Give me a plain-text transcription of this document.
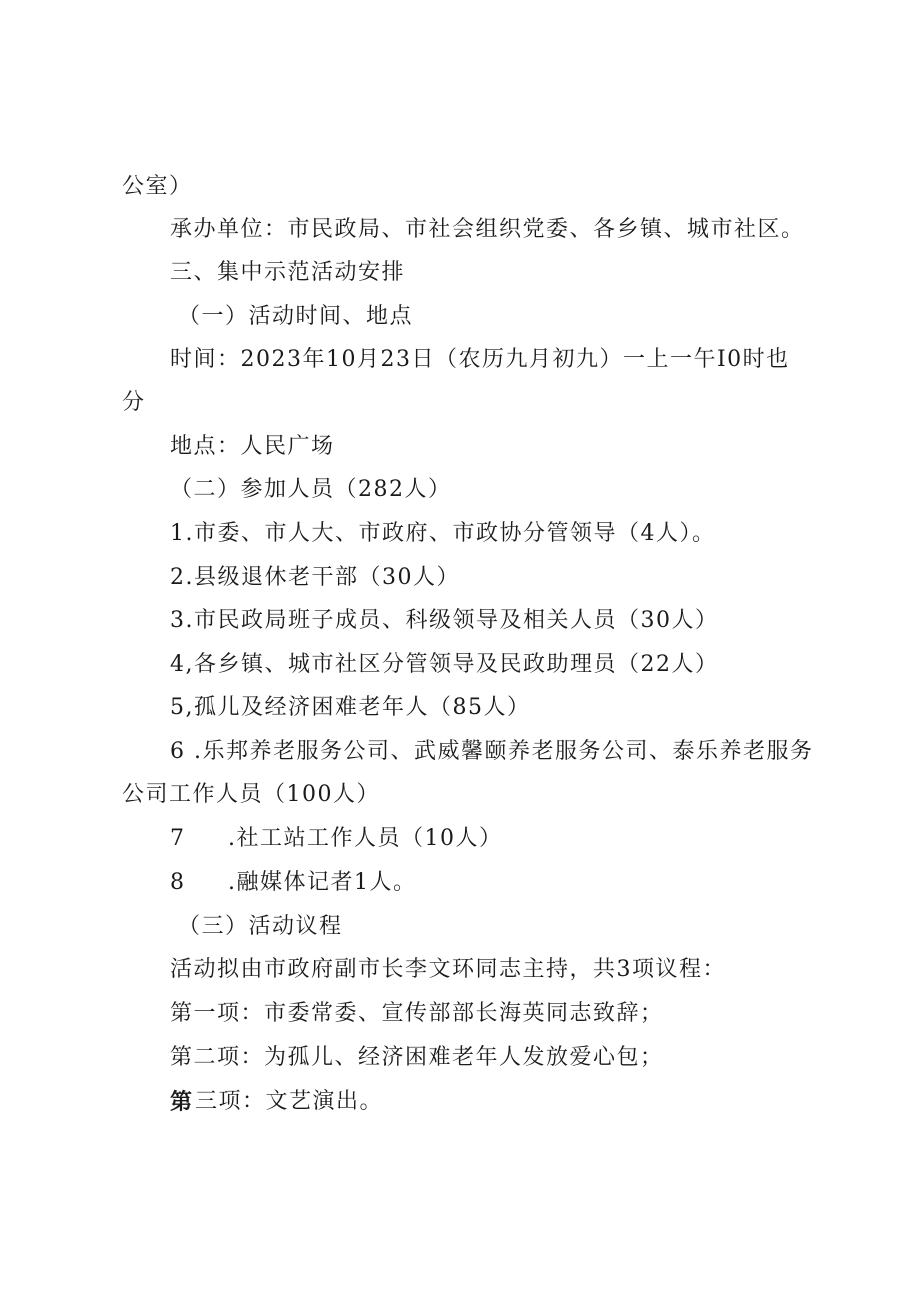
公室）
承办单位：市民政局、市社会组织党委、各乡镇、城市社区。
三、集中示范活动安排
（一）活动时间、地点
时间：2023年10月23日（农历九月初九）一上一午I0时也
分
地点：人民广场
（二）参加人员（282人）
1.市委、市人大、市政府、市政协分管领导（4人）。
2.县级退休老干部（30人）
3.市民政局班子成员、科级领导及相关人员（30人）
4,各乡镇、城市社区分管领导及民政助理员（22人）
5,孤儿及经济困难老年人（85人）
6 .乐邦养老服务公司、武威馨颐养老服务公司、泰乐养老服务
公司工作人员（100人）
7 .社工站工作人员（10人）
8 .融媒体记者1人。
（三）活动议程
活动拟由市政府副市长李文环同志主持，共3项议程：
第一项：市委常委、宣传部部长海英同志致辞；
第二项：为孤儿、经济困难老年人发放爱心包；
第 三项：文艺演出。
